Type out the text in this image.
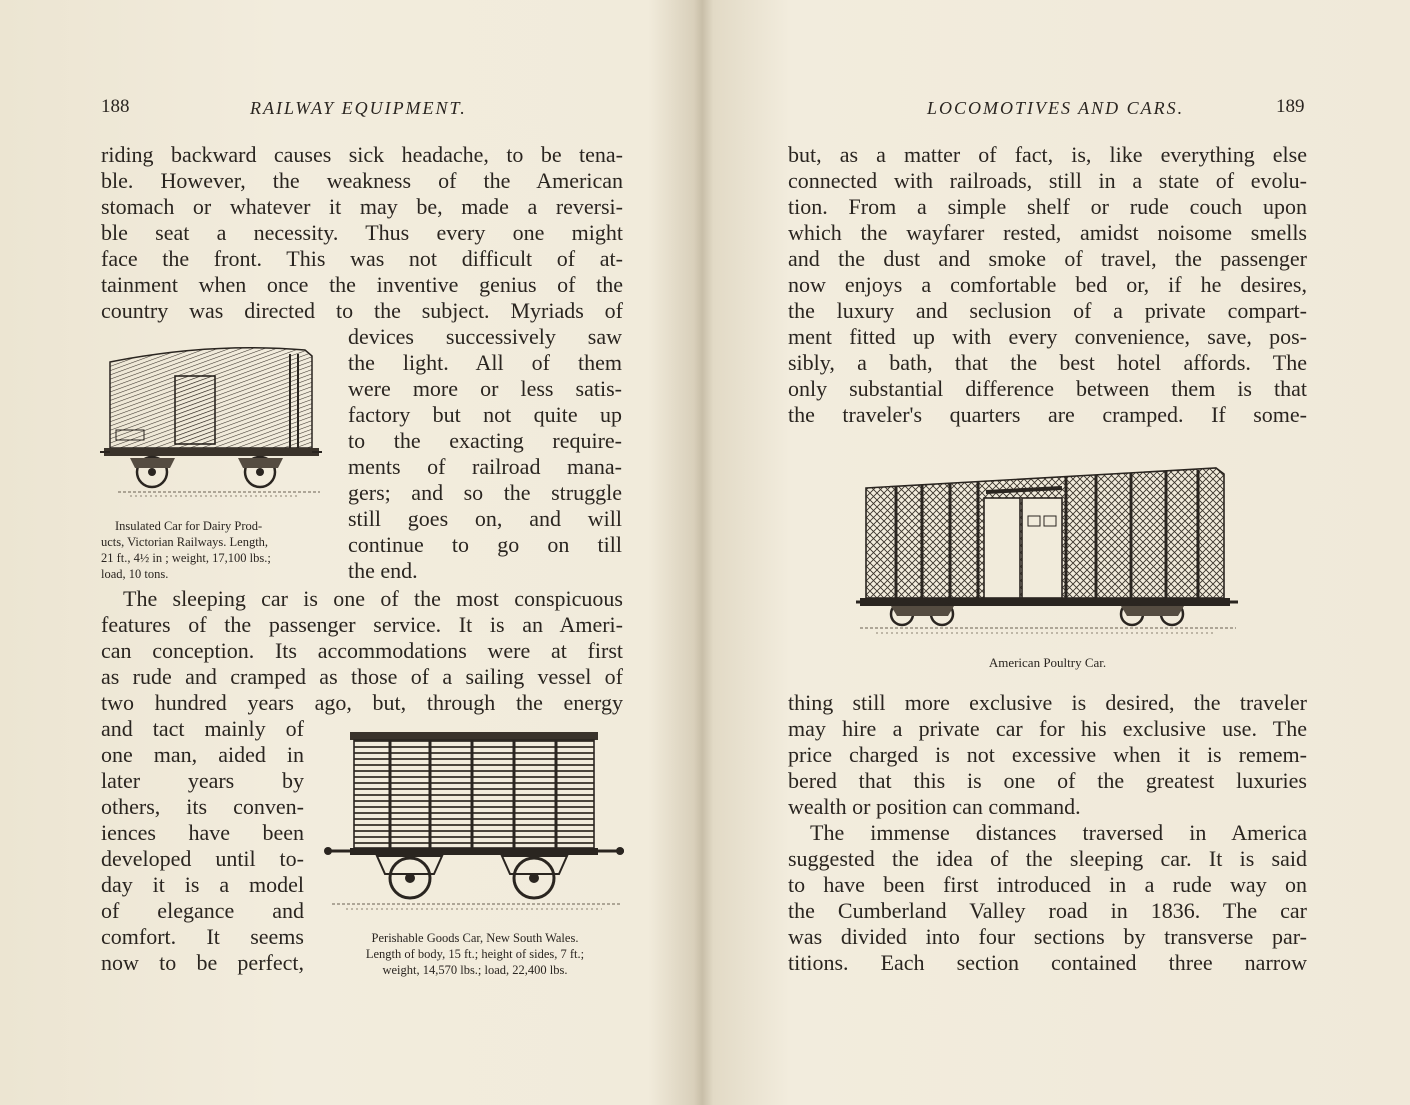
188	RAILWAY EQUIPMENT.
riding backward causes sick headache, to be tena-
ble. However, the weakness of the American
stomach or whatever it may be, made a reversi-
ble seat a necessity. Thus every one might
face the front. This was not difficult of at-
tainment when once the inventive genius of the
country was directed to the subject. Myriads of
devices successively saw
the light. All of them
were more or less satis-
factory but not quite up
to the exacting require-
ments of railroad mana-
gers; and so the struggle
still goes on, and will
continue to go on till
the end.
Insulated Car for Dairy Prod-
ucts, Victorian Railways. Length,
21 ft., 4½ in ; weight, 17,100 lbs.;
load, 10 tons.
The sleeping car is one of the most conspicuous
features of the passenger service. It is an Ameri-
can conception. Its accommodations were at first
as rude and cramped as those of a sailing vessel of
two hundred years ago, but, through the energy
and tact mainly of
one man, aided in
later years by
others, its conven-
iences have been
developed until to-
day it is a model
of elegance and
comfort. It seems
now to be perfect,
Perishable Goods Car, New South Wales.
Length of body, 15 ft.; height of sides, 7 ft.;
weight, 14,570 lbs.; load, 22,400 lbs.
LOCOMOTIVES AND CARS.	189
but, as a matter of fact, is, like everything else
connected with railroads, still in a state of evolu-
tion. From a simple shelf or rude couch upon
which the wayfarer rested, amidst noisome smells
and the dust and smoke of travel, the passenger
now enjoys a comfortable bed or, if he desires,
the luxury and seclusion of a private compart-
ment fitted up with every convenience, save, pos-
sibly, a bath, that the best hotel affords. The
only substantial difference between them is that
the traveler's quarters are cramped. If some-
American Poultry Car.
thing still more exclusive is desired, the traveler
may hire a private car for his exclusive use. The
price charged is not excessive when it is remem-
bered that this is one of the greatest luxuries
wealth or position can command.
The immense distances traversed in America
suggested the idea of the sleeping car. It is said
to have been first introduced in a rude way on
the Cumberland Valley road in 1836. The car
was divided into four sections by transverse par-
titions. Each section contained three narrow
